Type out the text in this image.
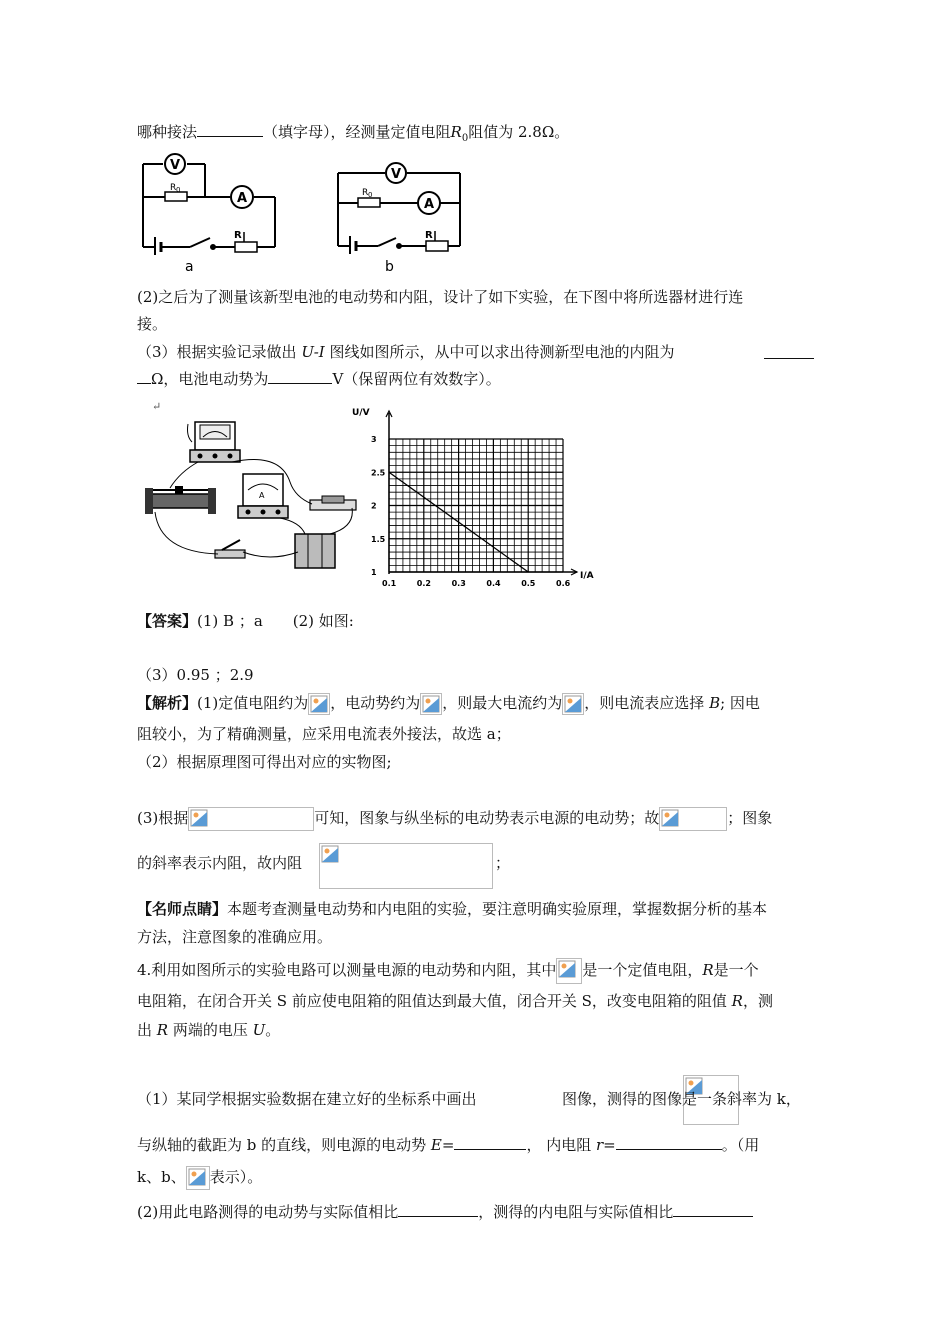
哪种接法	（填字母），经测量定值电阻$R_0$阻值为 2.8Ω。
V
A
R 0
R
a
V
A
R 0
R
b
(2)之后为了测量该新型电池的电动势和内阻，设计了如下实验，在下图中将所选器材进行连
接。
（3）根据实验记录做出 U-I 图线如图所示，从中可以求出待测新型电池的内阻为
Ω，电池电动势为	V（保留两位有效数字）。
↵
A
0.1	0.2	0.3	0.4	0.5	0.6
1
1.5
2
2.5
3
U/V
I/A
【答案】(1) B ；a　　(2) 如图:
（3）0.95 ；2.9
【解析】(1)定值电阻约为 ，电动势约为 ，则最大电流约为 ，则电流表应选择 B; 因电
阻较小，为了精确测量，应采用电流表外接法，故选 a；
（2）根据原理图可得出对应的实物图;
(3)根据	可知，图象与纵坐标的电动势表示电源的电动势；故	；图象
的斜率表示内阻，故内阻
	；
【名师点睛】本题考查测量电动势和内电阻的实验，要注意明确实验原理，掌握数据分析的基本
方法，注意图象的准确应用。
4.利用如图所示的实验电路可以测量电源的电动势和内阻，其中 是一个定值电阻，R是一个
电阻箱，在闭合开关 S 前应使电阻箱的阻值达到最大值，闭合开关 S，改变电阻箱的阻值 R，测
出 R 两端的电压 U。
（1）某同学根据实验数据在建立好的坐标系中画出	图像，测得的图像是一条斜率为 k，
与纵轴的截距为 b 的直线，则电源的电动势 E=	， 内电阻 r=	。（用
k、b、 表示）。
(2)用此电路测得的电动势与实际值相比	，测得的内电阻与实际值相比
